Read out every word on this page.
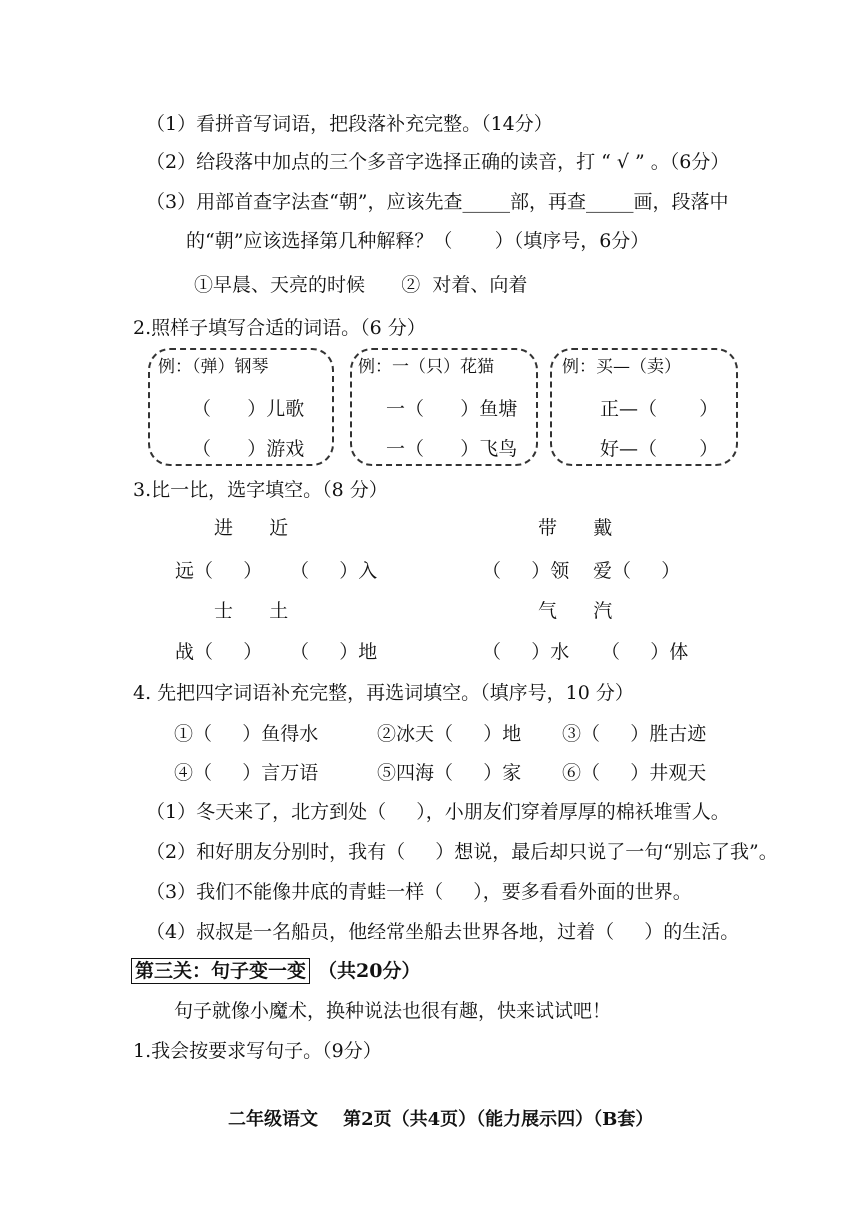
（1）看拼音写词语，把段落补充完整。（14分）
（2）给段落中加点的三个多音字选择正确的读音，打 “ √ ” 。（6分）
（3）用部首查字法查“朝”，应该先查_____部，再查_____画，段落中
的“朝”应该选择第几种解释？（       ）（填序号，6分）
①早晨、天亮的时候      ②  对着、向着
2.照样子填写合适的词语。（6 分）
例：（弹）钢琴
（      ）儿歌
（      ）游戏
例：一（只）花猫
一（      ）鱼塘
一（      ）飞鸟
例：买—（卖）
正—（       ）
好—（       ）
3.比一比，选字填空。（8 分）
进      近
远（     ） （     ）入
带      戴
（     ）领 爱（     ）
士      土
战（     ） （     ）地
气      汽
（     ）水 （     ）体
4. 先把四字词语补充完整，再选词填空。（填序号，10 分）
①（     ）鱼得水	②冰天（     ）地 ③（     ）胜古迹
④（     ）言万语	⑤四海（     ）家 ⑥（     ）井观天
（1）冬天来了，北方到处（     ），小朋友们穿着厚厚的棉袄堆雪人。
（2）和好朋友分别时，我有（     ）想说，最后却只说了一句“别忘了我”。
（3）我们不能像井底的青蛙一样（     ），要多看看外面的世界。
（4）叔叔是一名船员，他经常坐船去世界各地，过着（     ）的生活。
第三关：句子变一变 （共20分）
句子就像小魔术，换种说法也很有趣，快来试试吧！
1.我会按要求写句子。（9分）
二年级语文    第2页（共4页）（能力展示四）（B套）
